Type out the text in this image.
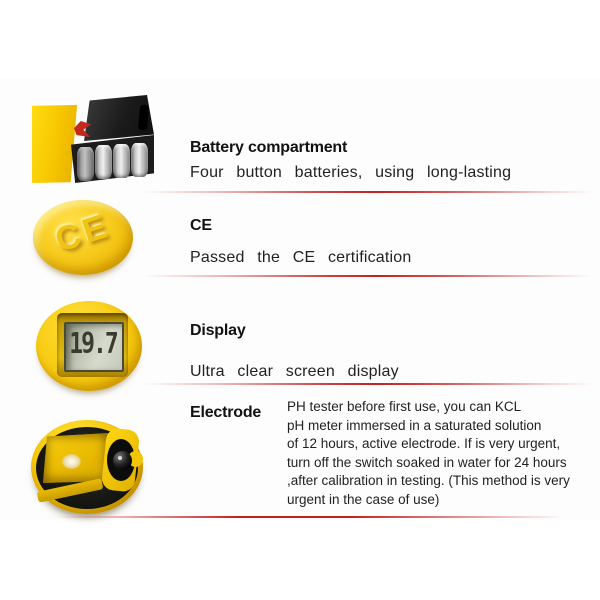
Battery compartment
Four button batteries, using long-lasting
CE	CE
Passed the CE certification
19.7	Display
Ultra clear screen display
Electrode PH tester before first use, you can KCL
pH meter immersed in a saturated solution
of 12 hours, active electrode. If is very urgent,
turn off the switch soaked in water for 24 hours
,after calibration in testing. (This method is very
urgent in the case of use)
